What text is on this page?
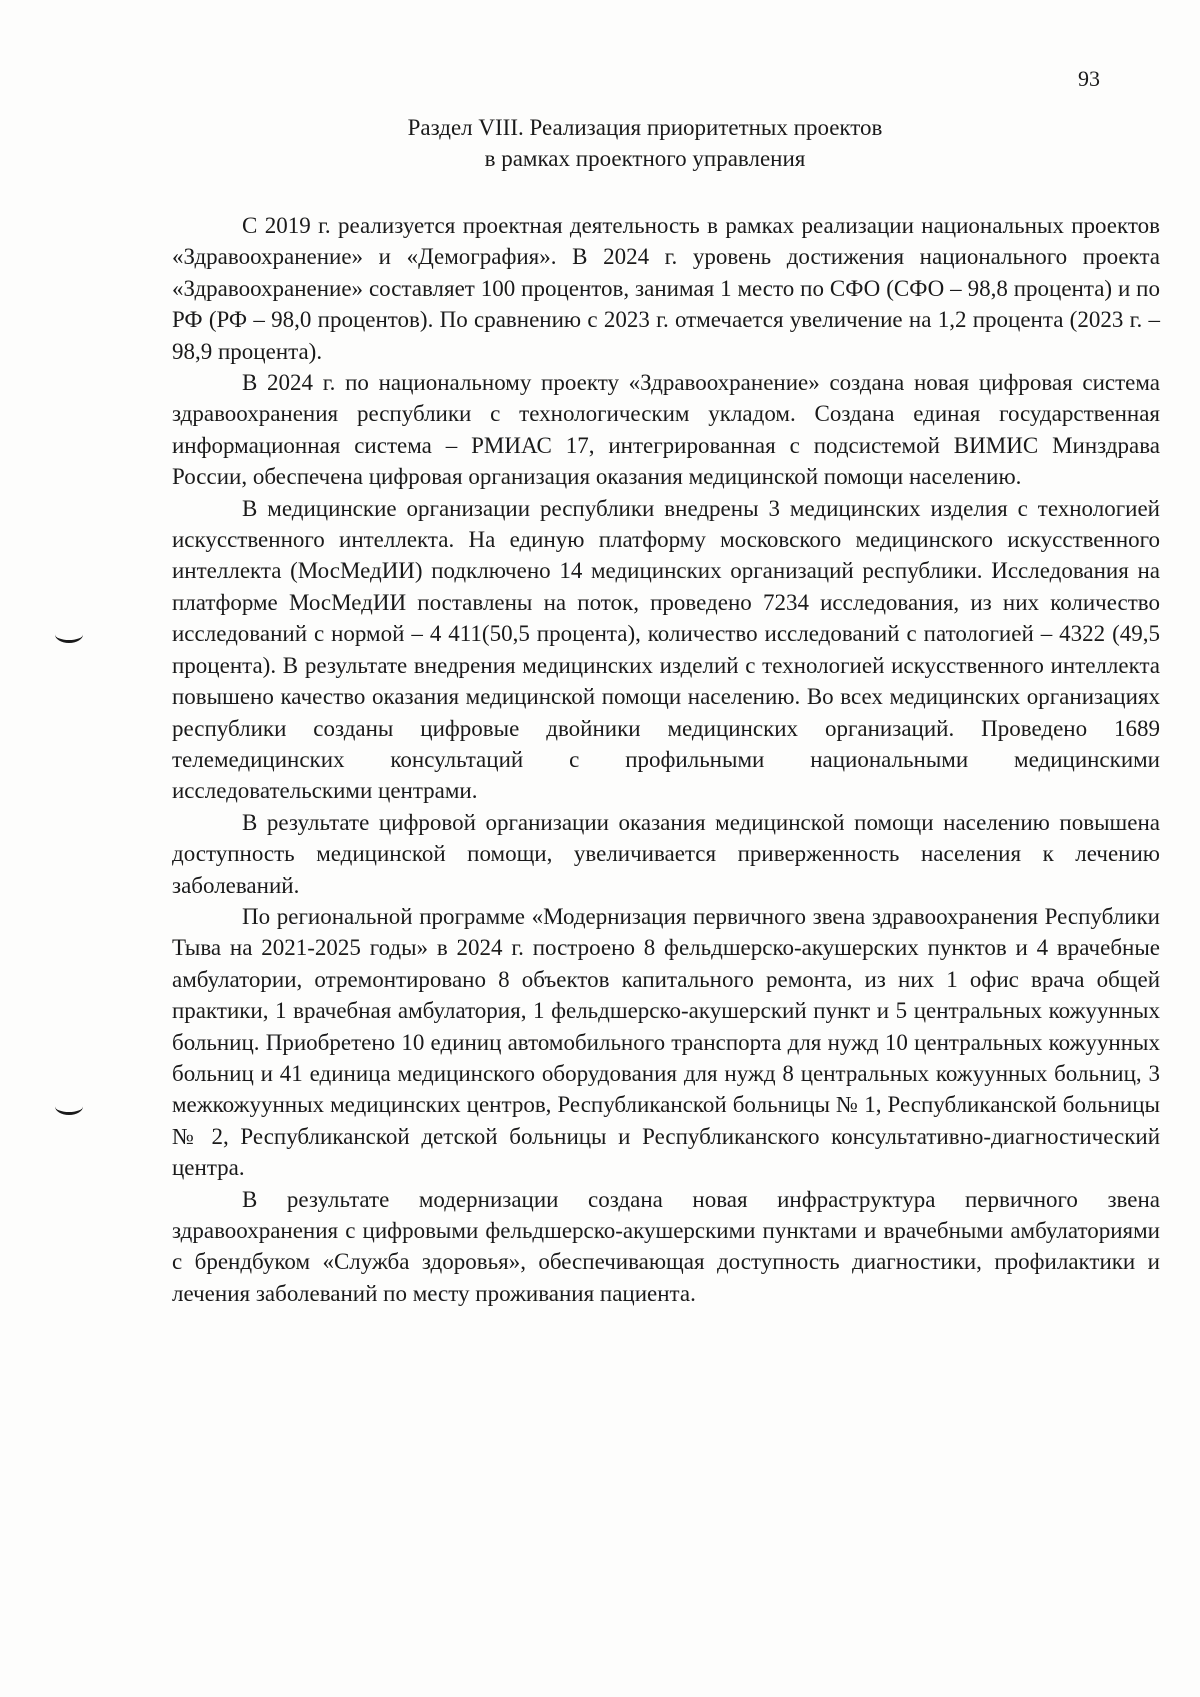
93
Раздел VIII. Реализация приоритетных проектов
в рамках проектного управления

С 2019 г. реализуется проектная деятельность в рамках реализации национальных проектов «Здравоохранение» и «Демография». В 2024 г. уровень достижения национального проекта «Здравоохранение» составляет 100 процентов, занимая 1 место по СФО (СФО – 98,8 процента) и по РФ (РФ – 98,0 процентов). По сравнению с 2023 г. отмечается увеличение на 1,2 процента (2023 г. – 98,9 процента).

В 2024 г. по национальному проекту «Здравоохранение» создана новая цифровая система здравоохранения республики с технологическим укладом. Создана единая государственная информационная система – РМИАС 17, интегрированная с подсистемой ВИМИС Минздрава России, обеспечена цифровая организация оказания медицинской помощи населению.

В медицинские организации республики внедрены 3 медицинских изделия с технологией искусственного интеллекта. На единую платформу московского медицинского искусственного интеллекта (МосМедИИ) подключено 14 медицинских организаций республики. Исследования на платформе МосМедИИ поставлены на поток, проведено 7234 исследования, из них количество исследований с нормой – 4 411(50,5 процента), количество исследований с патологией – 4322 (49,5 процента). В результате внедрения медицинских изделий с технологией искусственного интеллекта повышено качество оказания медицинской помощи населению. Во всех медицинских организациях республики созданы цифровые двойники медицинских организаций. Проведено 1689 телемедицинских консультаций с профильными национальными медицинскими исследовательскими центрами.

В результате цифровой организации оказания медицинской помощи населению повышена доступность медицинской помощи, увеличивается приверженность населения к лечению заболеваний.

По региональной программе «Модернизация первичного звена здравоохранения Республики Тыва на 2021-2025 годы» в 2024 г. построено 8 фельдшерско-акушерских пунктов и 4 врачебные амбулатории, отремонтировано 8 объектов капитального ремонта, из них 1 офис врача общей практики, 1 врачебная амбулатория, 1 фельдшерско-акушерский пункт и 5 центральных кожуунных больниц. Приобретено 10 единиц автомобильного транспорта для нужд 10 центральных кожуунных больниц и 41 единица медицинского оборудования для нужд 8 центральных кожуунных больниц, 3 межкожуунных медицинских центров, Республиканской больницы № 1, Республиканской больницы № 2, Республиканской детской больницы и Республиканского консультативно-диагностический центра.

В результате модернизации создана новая инфраструктура первичного звена здравоохранения с цифровыми фельдшерско-акушерскими пунктами и врачебными амбулаториями с брендбуком «Служба здоровья», обеспечивающая доступность диагностики, профилактики и лечения заболеваний по месту проживания пациента.
